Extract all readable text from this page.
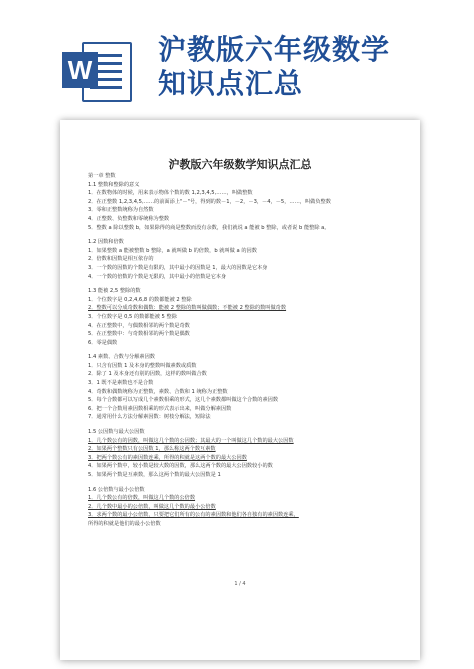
W
沪教版六年级数学
知识点汇总
沪教版六年级数学知识点汇总
第一章 整数
1.1 整数和整除的意义
1．在数物体的时候，用来表示物体个数的数 1,2,3,4,5,……，叫做整数
2．在正整数 1,2,3,4,5,……的前面添上"－"号，得到的数－1，－2，－3，－4，－5，……，叫做负整数
3．零和正整数统称为自然数
4．正整数、负整数和零统称为整数
5．整数 a 除以整数 b，如果除得的商是整数而没有余数，我们就说 a 能被 b 整除，或者说 b 能整除 a。
1.2 因数和倍数
1．如果整数 a 能被整数 b 整除，a 就叫做 b 的倍数，b 就叫做 a 的因数
2．倍数和因数是相互依存的
3．一个数的因数的个数是有限的，其中最小的因数是 1，最大的因数是它本身
4．一个数的倍数的个数是无限的，其中最小的倍数是它本身
1.3 能被 2,5 整除的数
1．个位数字是 0,2,4,6,8 的数都能被 2 整除
2．整数可以分成奇数和偶数：能被 2 整除的数叫做偶数；不能被 2 整除的数叫做奇数
3．个位数字是 0,5 的数都能被 5 整除
4．在正整数中，与偶数相邻的两个数是奇数
5．在正整数中：与奇数相邻的两个数是偶数
6．零是偶数
1.4 素数、合数与分解素因数
1．只含有因数 1 及本身的整数叫做素数或质数
2．除了 1 及本身还有别的因数，这样的数叫做合数
3．1 既不是素数也不是合数
4．奇数和偶数统称为正整数，素数、合数和 1 统称为正整数
5．每个合数都可以写成几个素数相乘的形式，这几个素数都叫做这个合数的素因数
6．把一个合数用素因数相乘的形式表示出来，叫做分解素因数
7．通常用什么方法分解素因数：树枝分解法，短除法
1.5 公因数与最大公因数
1．几个数公有的因数，叫做这几个数的公因数；其最大的一个叫做这几个数的最大公因数
2．如果两个整数只有公因数 1，那么称这两个数互素数
3．把两个数公有的素因数连乘，所得的积就是这两个数的最大公因数
4．如果两个数中，较小数是较大数的因数，那么这两个数的最大公因数较小的数
5．如果两个数是互素数，那么这两个数的最大公因数是 1
1.6 公倍数与最小公倍数
1．几个数公有的倍数，叫做这几个数的公倍数
2．几个数中最小的公倍数，叫做这几个数的最小公倍数
3．求两个数的最小公倍数，只要把它们所有的公有的素因数和他们各自独有的素因数连乘，
所得的积就是他们的最小公倍数
1 / 4
